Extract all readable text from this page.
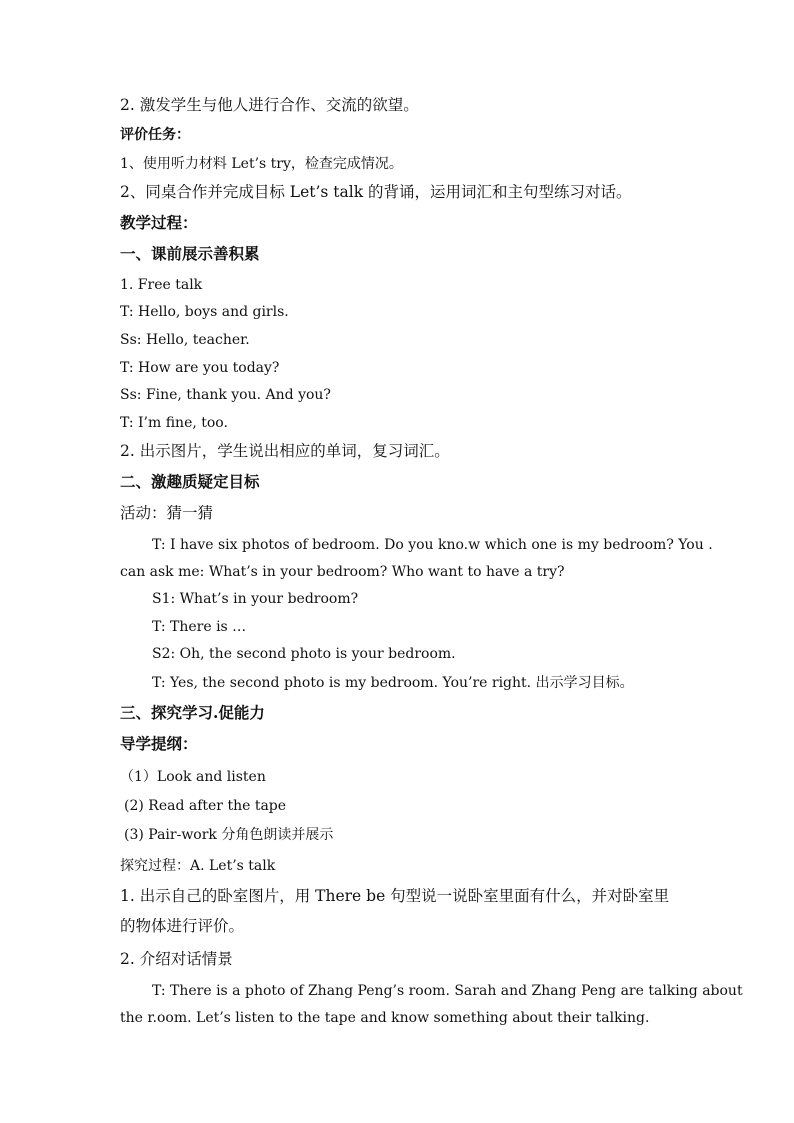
2. 激发学生与他人进行合作、交流的欲望。
评价任务：
1、使用听力材料 Let’s try，检查完成情况。
2、同桌合作并完成目标 Let’s talk 的背诵，运用词汇和主句型练习对话。
教学过程：
一、课前展示善积累
1. Free talk
T: Hello, boys and girls.
Ss: Hello, teacher.
T: How are you today?
Ss: Fine, thank you. And you?
T: I’m fine, too.
2. 出示图片，学生说出相应的单词，复习词汇。
二、激趣质疑定目标
活动：猜一猜
T: I have six photos of bedroom. Do you kno.w which one is my bedroom? You .
can ask me: What’s in your bedroom? Who want to have a try?
S1: What’s in your bedroom?
T: There is …
S2: Oh, the second photo is your bedroom.
T: Yes, the second photo is my bedroom. You’re right. 出示学习目标。
三、探究学习.促能力
导学提纲：
（1）Look and listen
(2) Read after the tape
(3) Pair-work 分角色朗读并展示
探究过程：A. Let’s talk
1. 出示自己的卧室图片，用 There be 句型说一说卧室里面有什么，并对卧室里
的物体进行评价。
2. 介绍对话情景
T: There is a photo of Zhang Peng’s room. Sarah and Zhang Peng are talking about
the r.oom. Let’s listen to the tape and know something about their talking.
